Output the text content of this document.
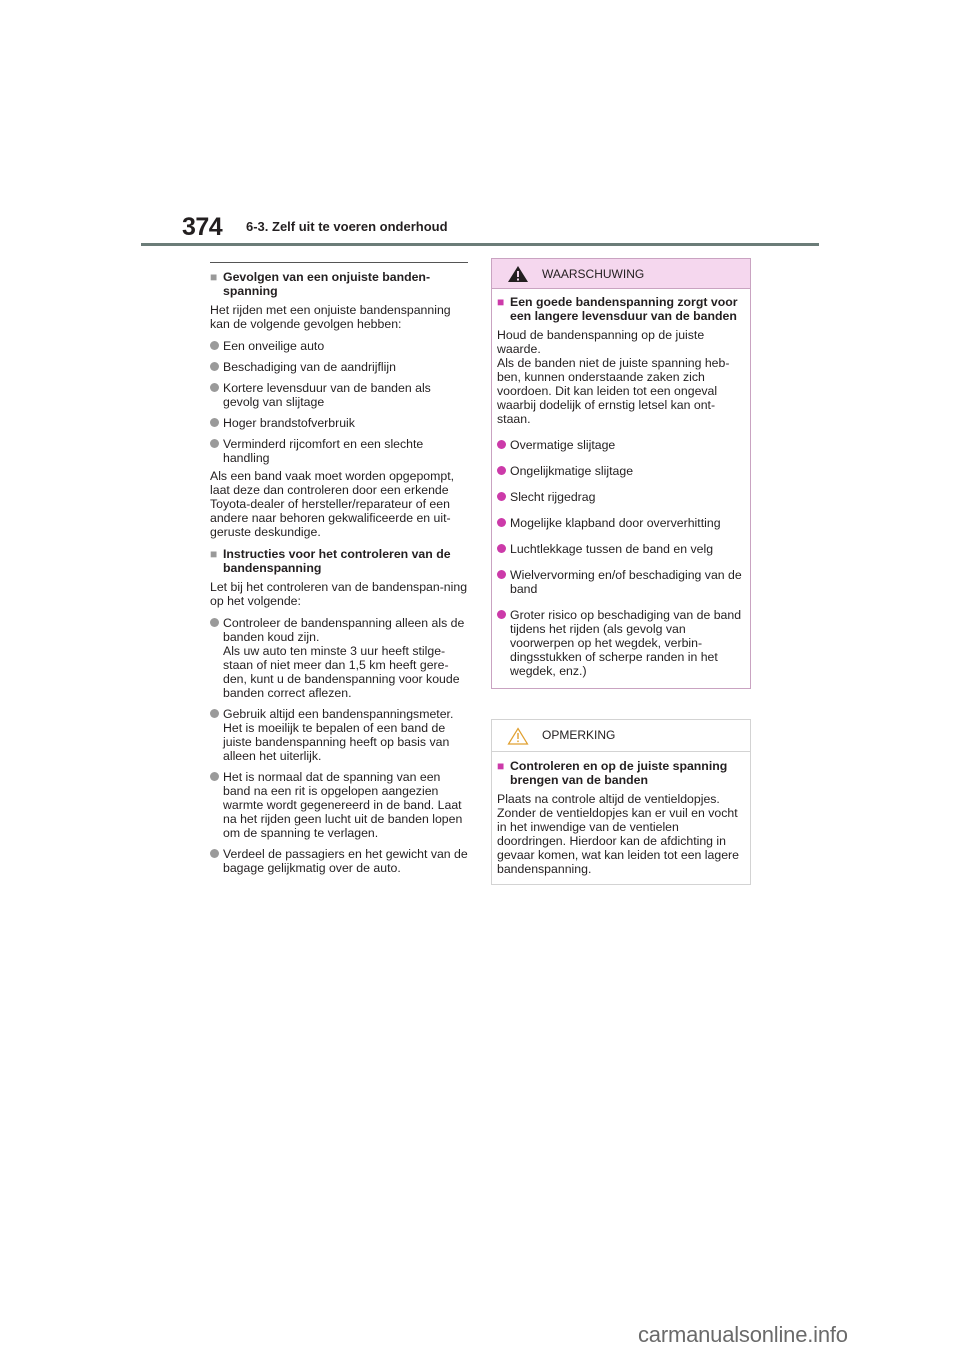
374 6-3. Zelf uit te voeren onderhoud
■ Gevolgen van een onjuiste banden-
spanning

Het rijden met een onjuiste bandenspanning kan de volgende gevolgen hebben:

Een onveilige auto
Beschadiging van de aandrijflijn
Kortere levensduur van de banden als gevolg van slijtage
Hoger brandstofverbruik
Verminderd rijcomfort en een slechte handling

Als een band vaak moet worden opgepompt, laat deze dan controleren door een erkende Toyota-dealer of hersteller/reparateur of een andere naar behoren gekwalificeerde en uit-geruste deskundige.

■ Instructies voor het controleren van de bandenspanning

Let bij het controleren van de bandenspan-ning op het volgende:

Controleer de bandenspanning alleen als de banden koud zijn.
Als uw auto ten minste 3 uur heeft stilge-staan of niet meer dan 1,5 km heeft gere-den, kunt u de bandenspanning voor koude banden correct aflezen.
Gebruik altijd een bandenspanningsmeter. Het is moeilijk te bepalen of een band de juiste bandenspanning heeft op basis van alleen het uiterlijk.
Het is normaal dat de spanning van een band na een rit is opgelopen aangezien warmte wordt gegenereerd in de band. Laat na het rijden geen lucht uit de banden lopen om de spanning te verlagen.
Verdeel de passagiers en het gewicht van de bagage gelijkmatig over de auto.
WAARSCHUWING
■ Een goede bandenspanning zorgt voor een langere levensduur van de banden

Houd de bandenspanning op de juiste waarde.
Als de banden niet de juiste spanning heb-ben, kunnen onderstaande zaken zich voordoen. Dit kan leiden tot een ongeval waarbij dodelijk of ernstig letsel kan ont-staan.

Overmatige slijtage
Ongelijkmatige slijtage
Slecht rijgedrag
Mogelijke klapband door oververhitting
Luchtlekkage tussen de band en velg
Wielvervorming en/of beschadiging van de band
Groter risico op beschadiging van de band tijdens het rijden (als gevolg van voorwerpen op het wegdek, verbin-dingsstukken of scherpe randen in het wegdek, enz.)
OPMERKING
■ Controleren en op de juiste spanning brengen van de banden

Plaats na controle altijd de ventieldopjes. Zonder de ventieldopjes kan er vuil en vocht in het inwendige van de ventielen doordringen. Hierdoor kan de afdichting in gevaar komen, wat kan leiden tot een lagere bandenspanning.

carmanualsonline.info
